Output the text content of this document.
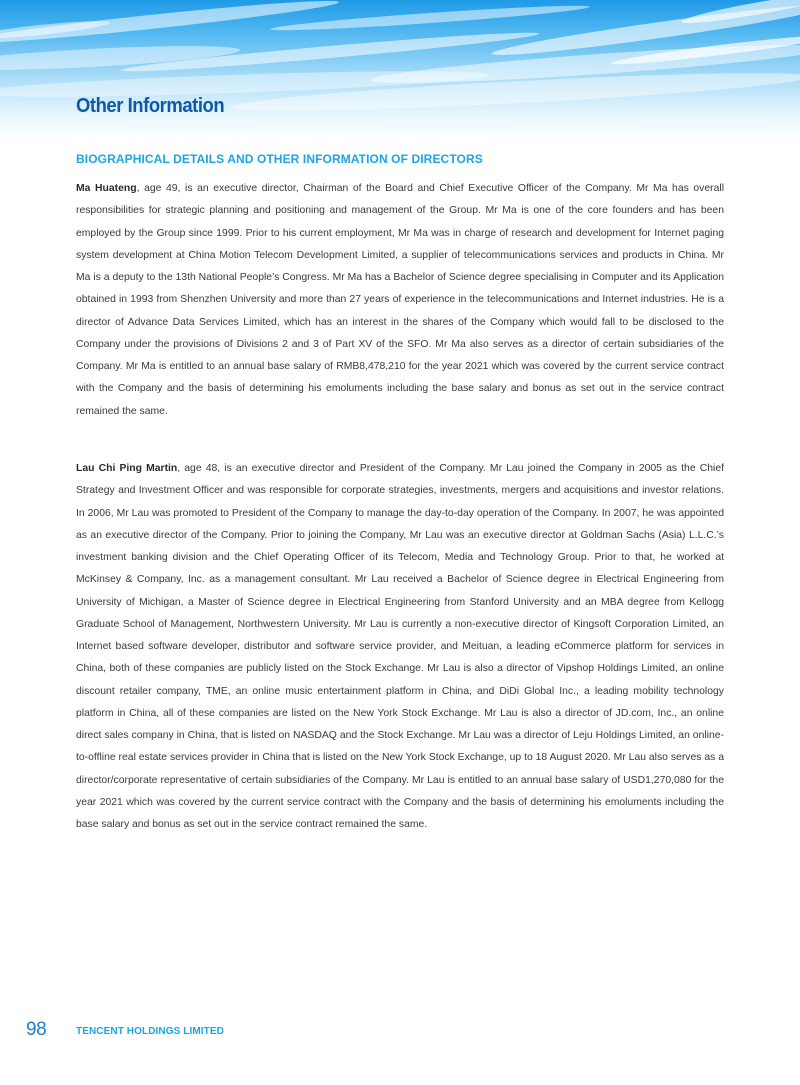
Other Information
BIOGRAPHICAL DETAILS AND OTHER INFORMATION OF DIRECTORS

Ma Huateng, age 49, is an executive director, Chairman of the Board and Chief Executive Officer of the Company. Mr Ma has overall responsibilities for strategic planning and positioning and management of the Group. Mr Ma is one of the core founders and has been employed by the Group since 1999. Prior to his current employment, Mr Ma was in charge of research and development for Internet paging system development at China Motion Telecom Development Limited, a supplier of telecommunications services and products in China. Mr Ma is a deputy to the 13th National People’s Congress. Mr Ma has a Bachelor of Science degree specialising in Computer and its Application obtained in 1993 from Shenzhen University and more than 27 years of experience in the telecommunications and Internet industries. He is a director of Advance Data Services Limited, which has an interest in the shares of the Company which would fall to be disclosed to the Company under the provisions of Divisions 2 and 3 of Part XV of the SFO. Mr Ma also serves as a director of certain subsidiaries of the Company. Mr Ma is entitled to an annual base salary of RMB8,478,210 for the year 2021 which was covered by the current service contract with the Company and the basis of determining his emoluments including the base salary and bonus as set out in the service contract remained the same.

Lau Chi Ping Martin, age 48, is an executive director and President of the Company. Mr Lau joined the Company in 2005 as the Chief Strategy and Investment Officer and was responsible for corporate strategies, investments, mergers and acquisitions and investor relations. In 2006, Mr Lau was promoted to President of the Company to manage the day-to-day operation of the Company. In 2007, he was appointed as an executive director of the Company. Prior to joining the Company, Mr Lau was an executive director at Goldman Sachs (Asia) L.L.C.’s investment banking division and the Chief Operating Officer of its Telecom, Media and Technology Group. Prior to that, he worked at McKinsey & Company, Inc. as a management consultant. Mr Lau received a Bachelor of Science degree in Electrical Engineering from University of Michigan, a Master of Science degree in Electrical Engineering from Stanford University and an MBA degree from Kellogg Graduate School of Management, Northwestern University. Mr Lau is currently a non-executive director of Kingsoft Corporation Limited, an Internet based software developer, distributor and software service provider, and Meituan, a leading eCommerce platform for services in China, both of these companies are publicly listed on the Stock Exchange. Mr Lau is also a director of Vipshop Holdings Limited, an online discount retailer company, TME, an online music entertainment platform in China, and DiDi Global Inc., a leading mobility technology platform in China, all of these companies are listed on the New York Stock Exchange. Mr Lau is also a director of JD.com, Inc., an online direct sales company in China, that is listed on NASDAQ and the Stock Exchange. Mr Lau was a director of Leju Holdings Limited, an online-to-offline real estate services provider in China that is listed on the New York Stock Exchange, up to 18 August 2020. Mr Lau also serves as a director/corporate representative of certain subsidiaries of the Company. Mr Lau is entitled to an annual base salary of USD1,270,080 for the year 2021 which was covered by the current service contract with the Company and the basis of determining his emoluments including the base salary and bonus as set out in the service contract remained the same.

98	TENCENT HOLDINGS LIMITED
